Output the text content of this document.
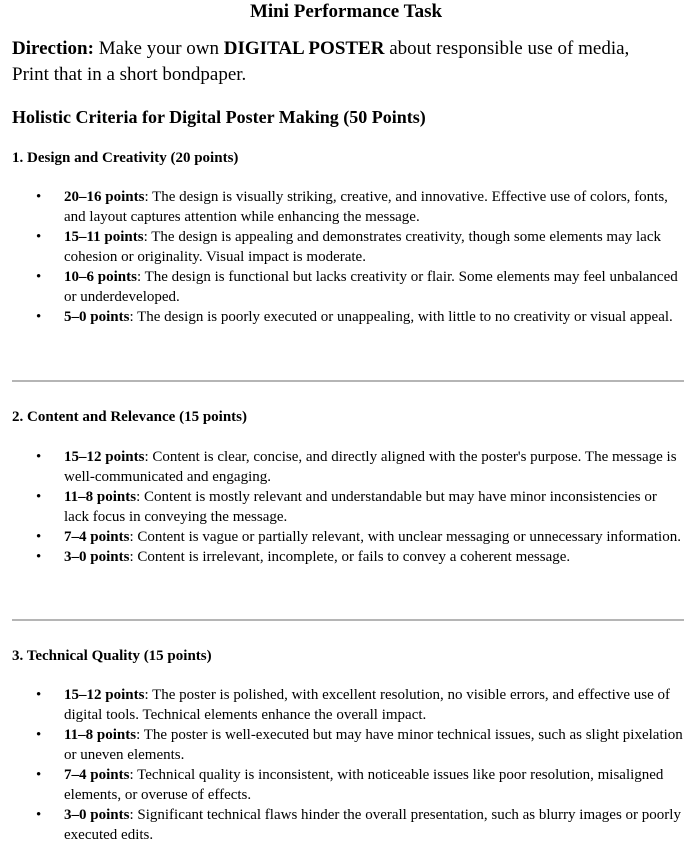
Mini Performance Task
Direction: Make your own DIGITAL POSTER about responsible use of media,
Print that in a short bondpaper.
Holistic Criteria for Digital Poster Making (50 Points)
1. Design and Creativity (20 points)
• 20–16 points: The design is visually striking, creative, and innovative. Effective use of colors, fonts, and layout captures attention while enhancing the message.
• 15–11 points: The design is appealing and demonstrates creativity, though some elements may lack cohesion or originality. Visual impact is moderate.
• 10–6 points: The design is functional but lacks creativity or flair. Some elements may feel unbalanced or underdeveloped.
• 5–0 points: The design is poorly executed or unappealing, with little to no creativity or visual appeal.
2. Content and Relevance (15 points)
• 15–12 points: Content is clear, concise, and directly aligned with the poster's purpose. The message is well-communicated and engaging.
• 11–8 points: Content is mostly relevant and understandable but may have minor inconsistencies or lack focus in conveying the message.
• 7–4 points: Content is vague or partially relevant, with unclear messaging or unnecessary information.
• 3–0 points: Content is irrelevant, incomplete, or fails to convey a coherent message.
3. Technical Quality (15 points)
• 15–12 points: The poster is polished, with excellent resolution, no visible errors, and effective use of digital tools. Technical elements enhance the overall impact.
• 11–8 points: The poster is well-executed but may have minor technical issues, such as slight pixelation or uneven elements.
• 7–4 points: Technical quality is inconsistent, with noticeable issues like poor resolution, misaligned elements, or overuse of effects.
• 3–0 points: Significant technical flaws hinder the overall presentation, such as blurry images or poorly executed edits.
